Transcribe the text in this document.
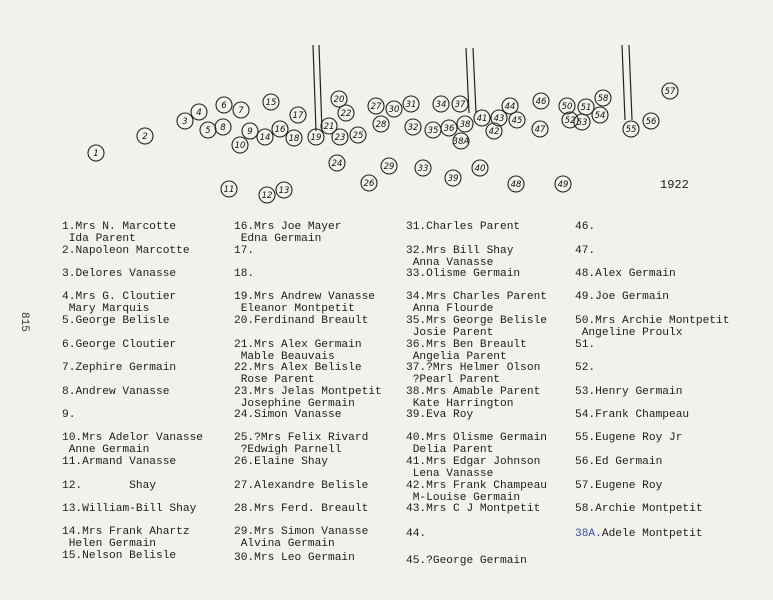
1
2
3
4
5
6 7
8	9
10
11
12 13
14
15
16
17
18 19
20
21
22
23
24
25
26
27
28
29
30 31
32
33
34
35 36
37
38
38A
39
40
41
42
43
44
45
46
47
48	49
50 51
52 53
54
55
56
57
58
1922
815
1.Mrs N. Marcotte
Ida Parent
2.Napoleon Marcotte
3.Delores Vanasse
4.Mrs G. Cloutier
Mary Marquis
5.George Belisle
6.George Cloutier
7.Zephire Germain
8.Andrew Vanasse
9.
10.Mrs Adelor Vanasse
Anne Germain
11.Armand Vanasse
12.       Shay
13.William-Bill Shay
14.Mrs Frank Ahartz
Helen Germain
15.Nelson Belisle
16.Mrs Joe Mayer
Edna Germain
17.
18.
19.Mrs Andrew Vanasse
Eleanor Montpetit
20.Ferdinand Breault
21.Mrs Alex Germain
Mable Beauvais
22.Mrs Alex Belisle
Rose Parent
23.Mrs Jelas Montpetit
Josephine Germain
24.Simon Vanasse
25.?Mrs Felix Rivard
?Edwigh Parnell
26.Elaine Shay
27.Alexandre Belisle
28.Mrs Ferd. Breault
29.Mrs Simon Vanasse
Alvina Germain
30.Mrs Leo Germain
31.Charles Parent
32.Mrs Bill Shay
Anna Vanasse
33.Olisme Germain
34.Mrs Charles Parent
Anna Flourde
35.Mrs George Belisle
Josie Parent
36.Mrs Ben Breault
Angelia Parent
37.?Mrs Helmer Olson
?Pearl Parent
38.Mrs Amable Parent
Kate Harrington
39.Eva Roy
40.Mrs Olisme Germain
Delia Parent
41.Mrs Edgar Johnson
Lena Vanasse
42.Mrs Frank Champeau
M-Louise Germain
43.Mrs C J Montpetit
44.
45.?George Germain
46.
47.
48.Alex Germain
49.Joe Germain
50.Mrs Archie Montpetit
Angeline Proulx
51.
52.
53.Henry Germain
54.Frank Champeau
55.Eugene Roy Jr
56.Ed Germain
57.Eugene Roy
58.Archie Montpetit
38A.Adele Montpetit
